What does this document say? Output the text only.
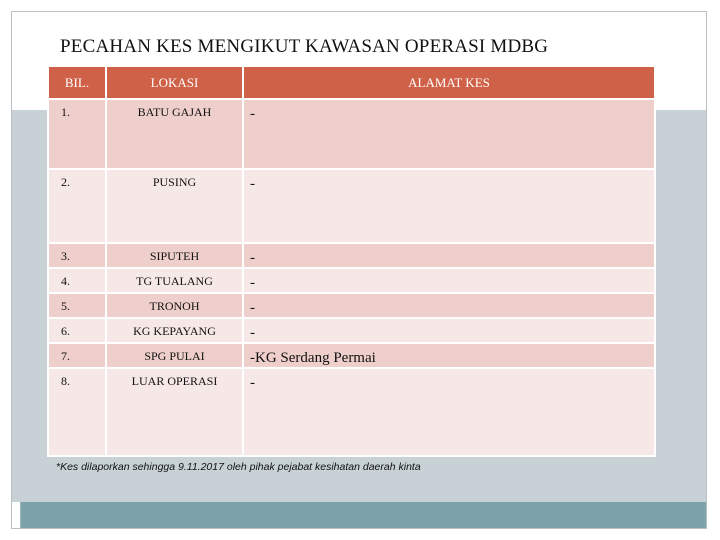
PECAHAN KES MENGIKUT KAWASAN OPERASI MDBG
BIL.	LOKASI	ALAMAT KES
1.	BATU GAJAH	-
2.	PUSING	-
3.	SIPUTEH	-
4.	TG TUALANG	-
5.	TRONOH	-
6.	KG KEPAYANG	-
7.	SPG PULAI	-KG Serdang Permai
8.	LUAR OPERASI	-
*Kes dilaporkan sehingga 9.11.2017 oleh pihak pejabat kesihatan daerah kinta
